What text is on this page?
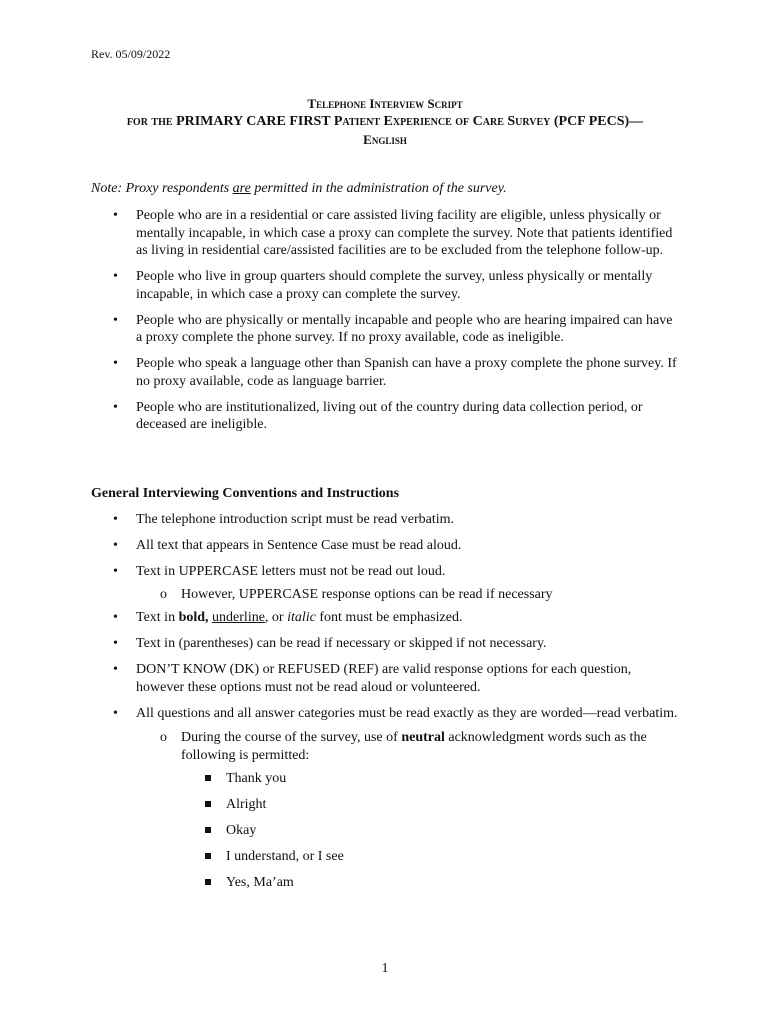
Rev. 05/09/2022
Telephone Interview Script
for the PRIMARY CARE FIRST Patient Experience of Care Survey (PCF PECS)—
English
Note: Proxy respondents are permitted in the administration of the survey.
• People who are in a residential or care assisted living facility are eligible, unless physically or mentally incapable, in which case a proxy can complete the survey. Note that patients identified as living in residential care/assisted facilities are to be excluded from the telephone follow-up.
• People who live in group quarters should complete the survey, unless physically or mentally incapable, in which case a proxy can complete the survey.
• People who are physically or mentally incapable and people who are hearing impaired can have a proxy complete the phone survey. If no proxy available, code as ineligible.
• People who speak a language other than Spanish can have a proxy complete the phone survey. If no proxy available, code as language barrier.
• People who are institutionalized, living out of the country during data collection period, or deceased are ineligible.
General Interviewing Conventions and Instructions
• The telephone introduction script must be read verbatim.
• All text that appears in Sentence Case must be read aloud.
• Text in UPPERCASE letters must not be read out loud.
o However, UPPERCASE response options can be read if necessary
• Text in bold, underline, or italic font must be emphasized.
• Text in (parentheses) can be read if necessary or skipped if not necessary.
• DON’T KNOW (DK) or REFUSED (REF) are valid response options for each question, however these options must not be read aloud or volunteered.
• All questions and all answer categories must be read exactly as they are worded—read verbatim.
o During the course of the survey, use of neutral acknowledgment words such as the following is permitted:
Thank you
Alright
Okay
I understand, or I see
Yes, Ma’am
1
